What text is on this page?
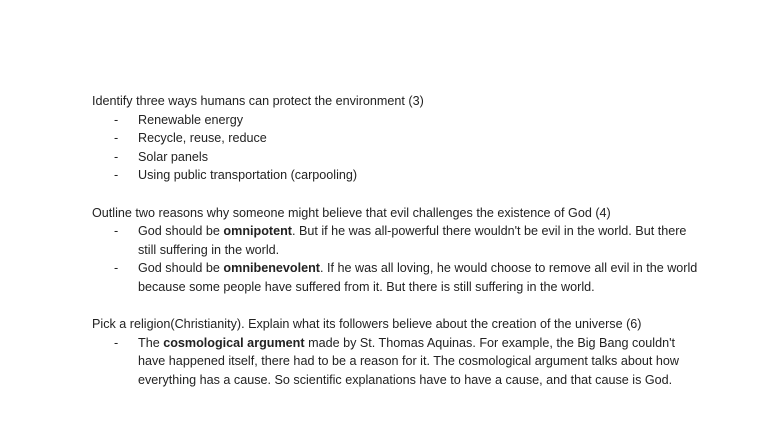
Identify three ways humans can protect the environment (3)

- Renewable energy
- Recycle, reuse, reduce
- Solar panels
- Using public transportation (carpooling)

Outline two reasons why someone might believe that evil challenges the existence of God (4)

- God should be omnipotent. But if he was all-powerful there wouldn't be evil in the world. But there still suffering in the world.
- God should be omnibenevolent. If he was all loving, he would choose to remove all evil in the world because some people have suffered from it. But there is still suffering in the world.

Pick a religion(Christianity). Explain what its followers believe about the creation of the universe (6)

- The cosmological argument made by St. Thomas Aquinas. For example, the Big Bang couldn't have happened itself, there had to be a reason for it. The cosmological argument talks about how everything has a cause. So scientific explanations have to have a cause, and that cause is God.
